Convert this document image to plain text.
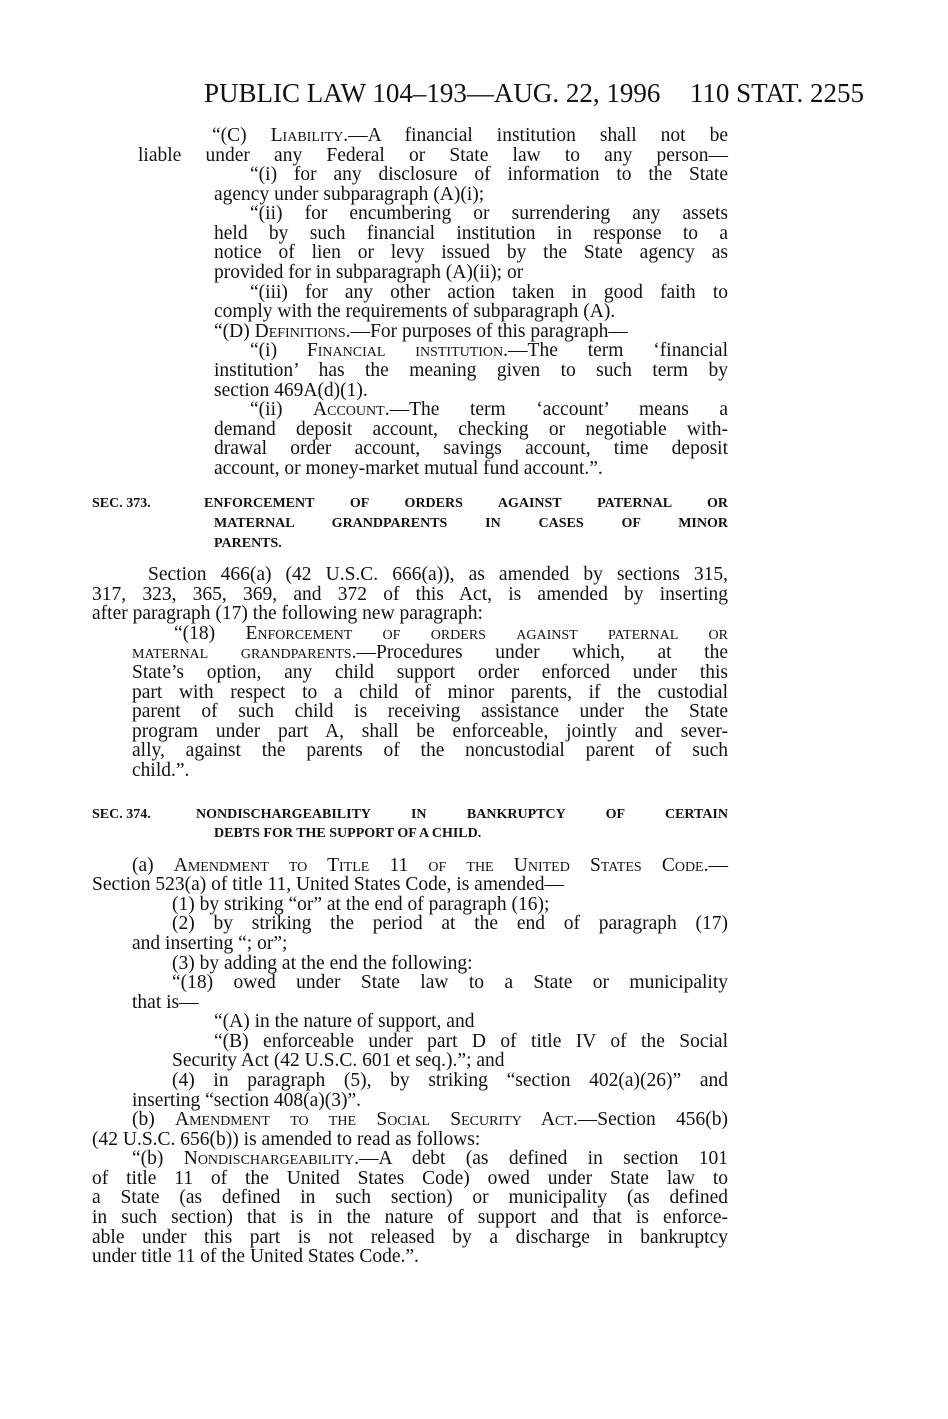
PUBLIC LAW 104–193—AUG. 22, 1996 110 STAT. 2255
“(C) Liability.—A financial institution shall not be
liable under any Federal or State law to any person—
“(i) for any disclosure of information to the State
agency under subparagraph (A)(i);
“(ii) for encumbering or surrendering any assets
held by such financial institution in response to a
notice of lien or levy issued by the State agency as
provided for in subparagraph (A)(ii); or
“(iii) for any other action taken in good faith to
comply with the requirements of subparagraph (A).
“(D) Definitions.—For purposes of this paragraph—
“(i) Financial institution.—The term ‘financial
institution’ has the meaning given to such term by
section 469A(d)(1).
“(ii) Account.—The term ‘account’ means a
demand deposit account, checking or negotiable with-
drawal order account, savings account, time deposit
account, or money-market mutual fund account.”.
SEC. 373.	ENFORCEMENT OF ORDERS AGAINST PATERNAL OR
MATERNAL GRANDPARENTS IN CASES OF MINOR
PARENTS.
Section 466(a) (42 U.S.C. 666(a)), as amended by sections 315,
317, 323, 365, 369, and 372 of this Act, is amended by inserting
after paragraph (17) the following new paragraph:
“(18) Enforcement of orders against paternal or
maternal grandparents.—Procedures under which, at the
State’s option, any child support order enforced under this
part with respect to a child of minor parents, if the custodial
parent of such child is receiving assistance under the State
program under part A, shall be enforceable, jointly and sever-
ally, against the parents of the noncustodial parent of such
child.”.
SEC. 374.	NONDISCHARGEABILITY IN BANKRUPTCY OF CERTAIN
DEBTS FOR THE SUPPORT OF A CHILD.
(a) Amendment to Title 11 of the United States Code.—
Section 523(a) of title 11, United States Code, is amended—
(1) by striking “or” at the end of paragraph (16);
(2) by striking the period at the end of paragraph (17)
and inserting “; or”;
(3) by adding at the end the following:
“(18) owed under State law to a State or municipality
that is—
“(A) in the nature of support, and
“(B) enforceable under part D of title IV of the Social
Security Act (42 U.S.C. 601 et seq.).”; and
(4) in paragraph (5), by striking “section 402(a)(26)” and
inserting “section 408(a)(3)”.
(b) Amendment to the Social Security Act.—Section 456(b)
(42 U.S.C. 656(b)) is amended to read as follows:
“(b) Nondischargeability.—A debt (as defined in section 101
of title 11 of the United States Code) owed under State law to
a State (as defined in such section) or municipality (as defined
in such section) that is in the nature of support and that is enforce-
able under this part is not released by a discharge in bankruptcy
under title 11 of the United States Code.”.
